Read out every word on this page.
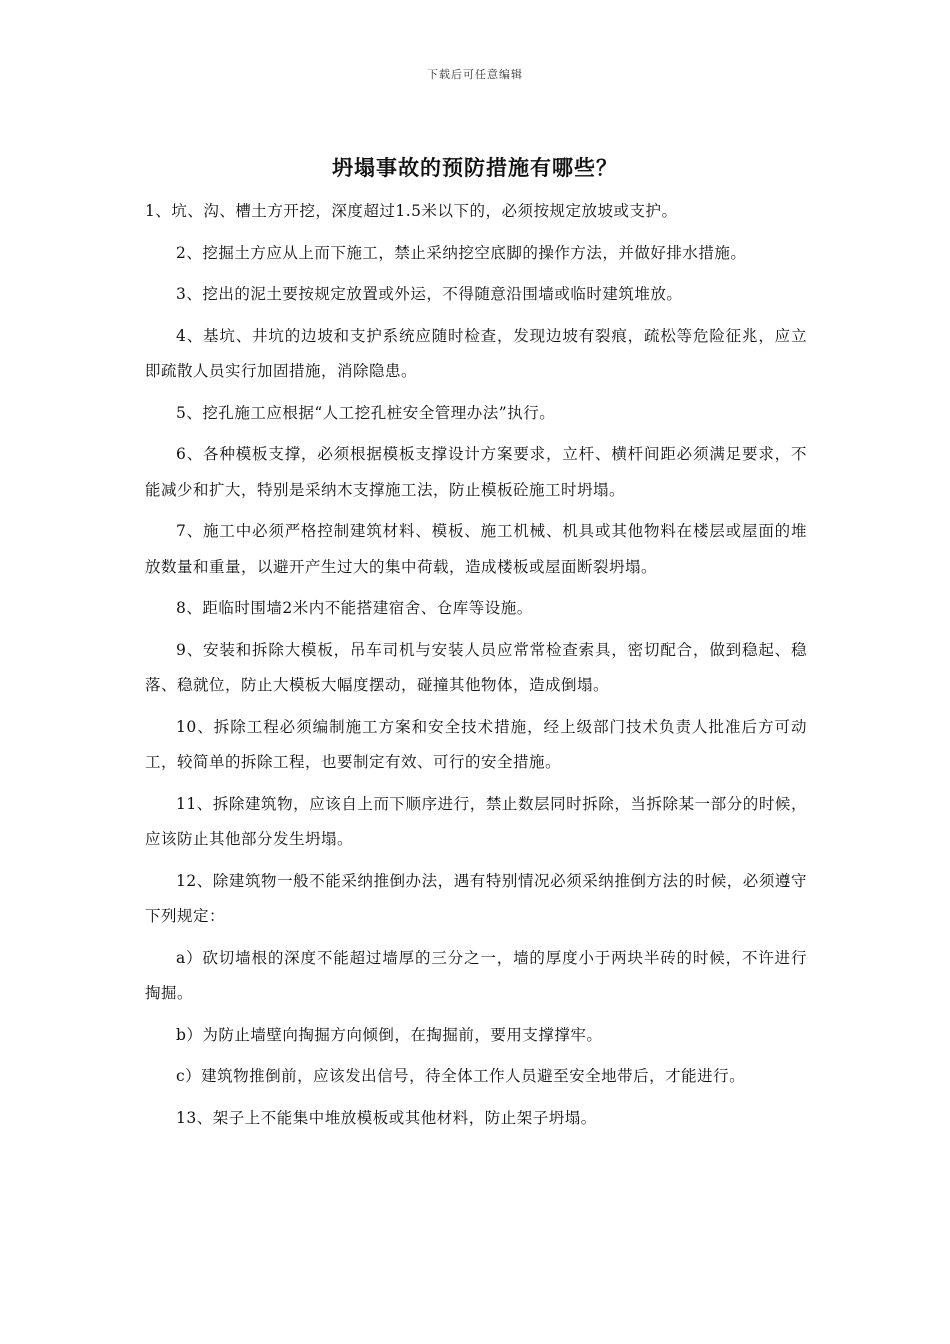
下载后可任意编辑
坍塌事故的预防措施有哪些？

1、坑、沟、槽土方开挖，深度超过1.5米以下的，必须按规定放坡或支护。

2、挖掘土方应从上而下施工，禁止采纳挖空底脚的操作方法，并做好排水措施。

3、挖出的泥土要按规定放置或外运，不得随意沿围墙或临时建筑堆放。

4、基坑、井坑的边坡和支护系统应随时检查，发现边坡有裂痕，疏松等危险征兆，应立即疏散人员实行加固措施，消除隐患。

5、挖孔施工应根据“人工挖孔桩安全管理办法”执行。

6、各种模板支撑，必须根据模板支撑设计方案要求，立杆、横杆间距必须满足要求，不能减少和扩大，特别是采纳木支撑施工法，防止模板砼施工时坍塌。

7、施工中必须严格控制建筑材料、模板、施工机械、机具或其他物料在楼层或屋面的堆放数量和重量，以避开产生过大的集中荷载，造成楼板或屋面断裂坍塌。

8、距临时围墙2米内不能搭建宿舍、仓库等设施。

9、安装和拆除大模板，吊车司机与安装人员应常常检查索具，密切配合，做到稳起、稳落、稳就位，防止大模板大幅度摆动，碰撞其他物体，造成倒塌。

10、拆除工程必须编制施工方案和安全技术措施，经上级部门技术负责人批准后方可动工，较简单的拆除工程，也要制定有效、可行的安全措施。

11、拆除建筑物，应该自上而下顺序进行，禁止数层同时拆除，当拆除某一部分的时候，应该防止其他部分发生坍塌。

12、除建筑物一般不能采纳推倒办法，遇有特别情况必须采纳推倒方法的时候，必须遵守下列规定：

a）砍切墙根的深度不能超过墙厚的三分之一，墙的厚度小于两块半砖的时候，不许进行掏掘。

b）为防止墙壁向掏掘方向倾倒，在掏掘前，要用支撑撑牢。

c）建筑物推倒前，应该发出信号，待全体工作人员避至安全地带后，才能进行。

13、架子上不能集中堆放模板或其他材料，防止架子坍塌。
